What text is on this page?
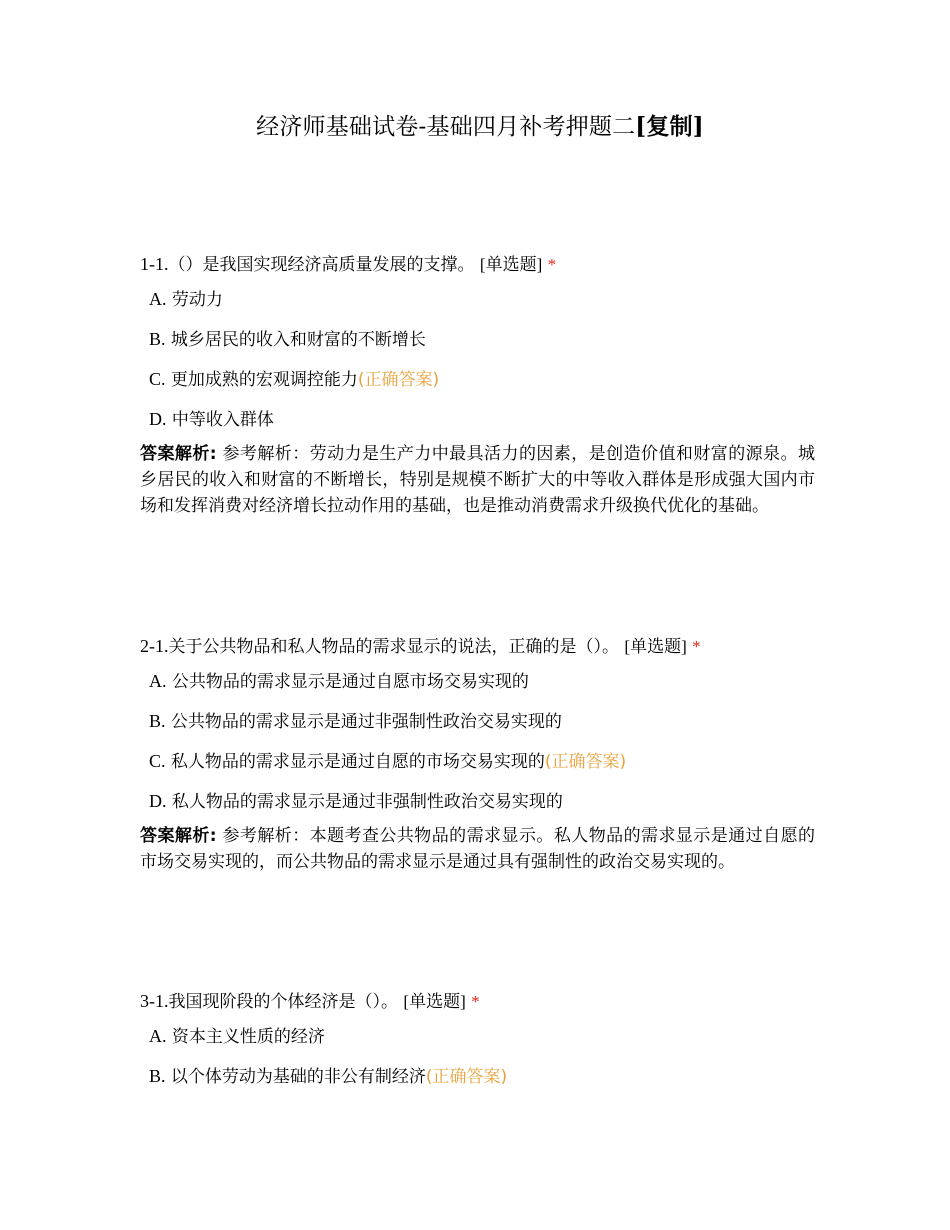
经济师基础试卷-基础四月补考押题二[复制]

1-1.（）是我国实现经济高质量发展的支撑。 [单选题] *

A. 劳动力
B. 城乡居民的收入和财富的不断增长
C. 更加成熟的宏观调控能力(正确答案)
D. 中等收入群体

答案解析: 参考解析：劳动力是生产力中最具活力的因素，是创造价值和财富的源泉。城乡居民的收入和财富的不断增长，特别是规模不断扩大的中等收入群体是形成强大国内市场和发挥消费对经济增长拉动作用的基础，也是推动消费需求升级换代优化的基础。

2-1.关于公共物品和私人物品的需求显示的说法，正确的是（）。 [单选题] *

A. 公共物品的需求显示是通过自愿市场交易实现的
B. 公共物品的需求显示是通过非强制性政治交易实现的
C. 私人物品的需求显示是通过自愿的市场交易实现的(正确答案)
D. 私人物品的需求显示是通过非强制性政治交易实现的

答案解析: 参考解析：本题考查公共物品的需求显示。私人物品的需求显示是通过自愿的市场交易实现的，而公共物品的需求显示是通过具有强制性的政治交易实现的。

3-1.我国现阶段的个体经济是（）。 [单选题] *

A. 资本主义性质的经济
B. 以个体劳动为基础的非公有制经济(正确答案)
